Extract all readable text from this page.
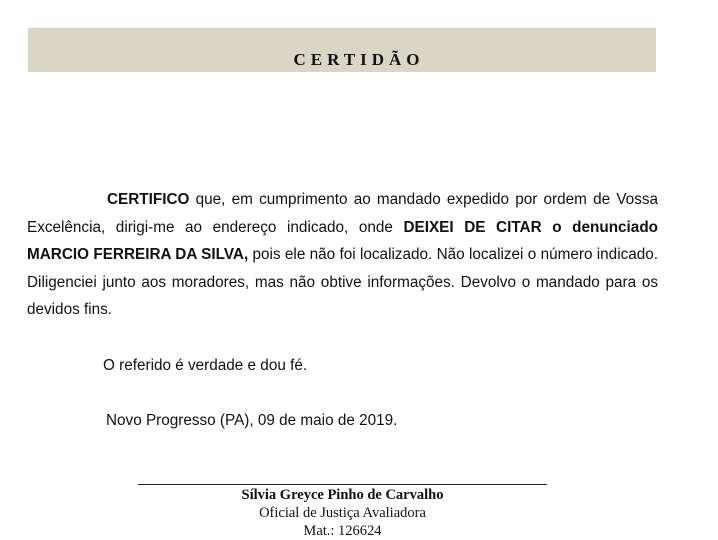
CERTIDÃO

CERTIFICO que, em cumprimento ao mandado expedido por ordem de Vossa Excelência, dirigi-me ao endereço indicado, onde DEIXEI DE CITAR o denunciado MARCIO FERREIRA DA SILVA, pois ele não foi localizado. Não localizei o número indicado. Diligenciei junto aos moradores, mas não obtive informações. Devolvo o mandado para os devidos fins.

O referido é verdade e dou fé.

Novo Progresso (PA), 09 de maio de 2019.

Sílvia Greyce Pinho de Carvalho
Oficial de Justiça Avaliadora
Mat.: 126624
